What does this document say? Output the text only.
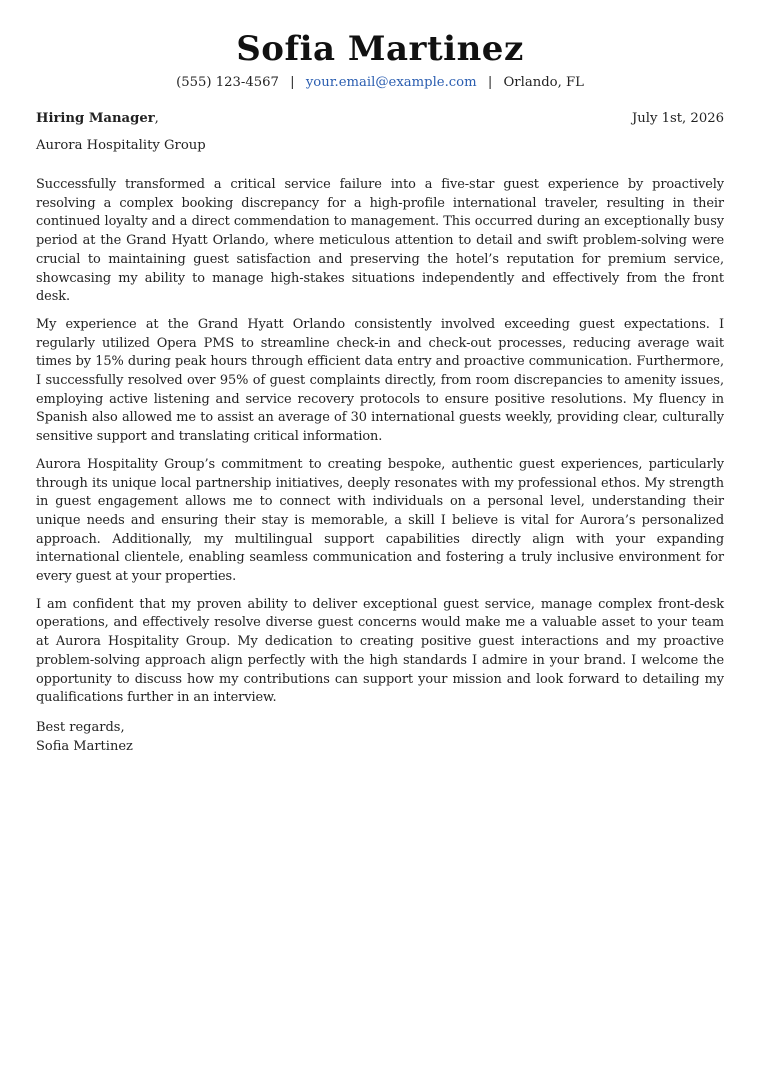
Sofia Martinez
(555) 123-4567 | your.email@example.com | Orlando, FL
Hiring Manager,	July 1st, 2026
Aurora Hospitality Group

Successfully transformed a critical service failure into a five-star guest experience by proactively resolving a complex booking discrepancy for a high-profile international traveler, resulting in their continued loyalty and a direct commendation to management. This occurred during an exceptionally busy period at the Grand Hyatt Orlando, where meticulous attention to detail and swift problem-solving were crucial to maintaining guest satisfaction and preserving the hotel’s reputation for premium service, showcasing my ability to manage high-stakes situations independently and effectively from the front desk.

My experience at the Grand Hyatt Orlando consistently involved exceeding guest expectations. I regularly utilized Opera PMS to streamline check-in and check-out processes, reducing average wait times by 15% during peak hours through efficient data entry and proactive communication. Furthermore, I successfully resolved over 95% of guest complaints directly, from room discrepancies to amenity issues, employing active listening and service recovery protocols to ensure positive resolutions. My fluency in Spanish also allowed me to assist an average of 30 international guests weekly, providing clear, culturally sensitive support and translating critical information.

Aurora Hospitality Group’s commitment to creating bespoke, authentic guest experiences, particularly through its unique local partnership initiatives, deeply resonates with my professional ethos. My strength in guest engagement allows me to connect with individuals on a personal level, understanding their unique needs and ensuring their stay is memorable, a skill I believe is vital for Aurora’s personalized approach. Additionally, my multilingual support capabilities directly align with your expanding international clientele, enabling seamless communication and fostering a truly inclusive environment for every guest at your properties.

I am confident that my proven ability to deliver exceptional guest service, manage complex front-desk operations, and effectively resolve diverse guest concerns would make me a valuable asset to your team at Aurora Hospitality Group. My dedication to creating positive guest interactions and my proactive problem-solving approach align perfectly with the high standards I admire in your brand. I welcome the opportunity to discuss how my contributions can support your mission and look forward to detailing my qualifications further in an interview.

Best regards,
Sofia Martinez
